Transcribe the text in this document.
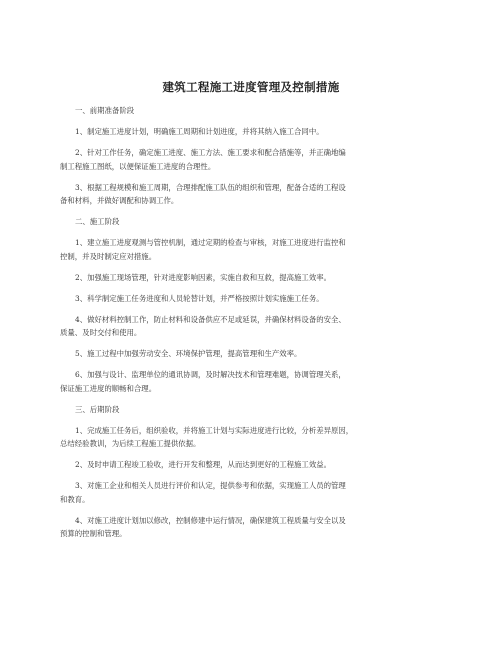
建筑工程施工进度管理及控制措施
一、前期准备阶段
1、制定施工进度计划，明确施工周期和计划进度，并将其纳入施工合同中。
2、针对工作任务，确定施工进度、施工方法、施工要求和配合措施等，并正确地编
制工程施工图纸，以便保证施工进度的合理性。
3、根据工程规模和施工周期，合理排配施工队伍的组织和管理，配备合适的工程设
备和材料，并做好调配和协调工作。
二、施工阶段
1、建立施工进度观测与管控机制，通过定期的检查与审核，对施工进度进行监控和
控制，并及时制定应对措施。
2、加强施工现场管理，针对进度影响因素，实施自救和互救，提高施工效率。
3、科学制定施工任务进度和人员轮替计划，并严格按照计划实施施工任务。
4、做好材料控制工作，防止材料和设备供应不足或延误，并确保材料设备的安全、
质量、及时交付和使用。
5、施工过程中加强劳动安全、环境保护管理，提高管理和生产效率。
6、加强与设计、监理单位的通讯协调，及时解决技术和管理难题，协调管理关系，
保证施工进度的顺畅和合理。
三、后期阶段
1、完成施工任务后，组织验收，并将施工计划与实际进度进行比较，分析差异原因，
总结经验教训，为后续工程施工提供依据。
2、及时申请工程竣工验收，进行开发和整理，从而达到更好的工程施工效益。
3、对施工企业和相关人员进行评价和认定，提供参考和依据，实现施工人员的管理
和教育。
4、对施工进度计划加以修改，控制修建中运行情况，确保建筑工程质量与安全以及
预算的控制和管理。
